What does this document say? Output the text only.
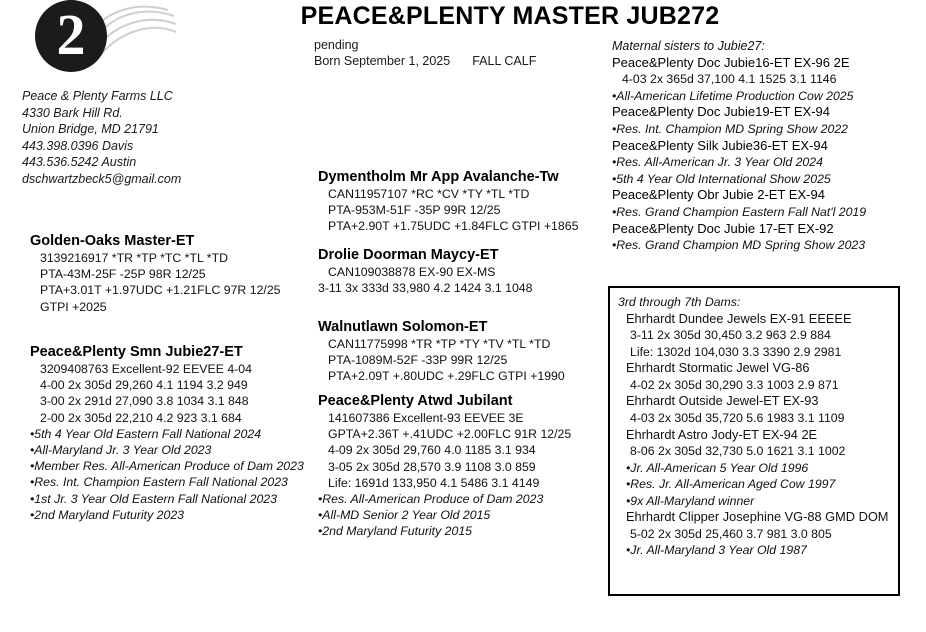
2
Peace & Plenty Farms LLC
4330 Bark Hill Rd.
Union Bridge, MD 21791
443.398.0396 Davis
443.536.5242 Austin
dschwartzbeck5@gmail.com
PEACE&PLENTY MASTER JUB272
pending
Born September 1, 2025 FALL CALF
Golden-Oaks Master-ET
3139216917 *TR *TP *TC *TL *TD
PTA-43M-25F -25P 98R 12/25
PTA+3.01T +1.97UDC +1.21FLC 97R 12/25
GTPI +2025
Peace&Plenty Smn Jubie27-ET
3209408763 Excellent-92 EEVEE 4-04
4-00 2x 305d 29,260 4.1 1194 3.2 949
3-00 2x 291d 27,090 3.8 1034 3.1 848
2-00 2x 305d 22,210 4.2 923 3.1 684
•5th 4 Year Old Eastern Fall National 2024
•All-Maryland Jr. 3 Year Old 2023
•Member Res. All-American Produce of Dam 2023
•Res. Int. Champion Eastern Fall National 2023
•1st Jr. 3 Year Old Eastern Fall National 2023
•2nd Maryland Futurity 2023
Dymentholm Mr App Avalanche-Tw
CAN11957107 *RC *CV *TY *TL *TD
PTA-953M-51F -35P 99R 12/25
PTA+2.90T +1.75UDC +1.84FLC GTPI +1865
Drolie Doorman Maycy-ET
CAN109038878 EX-90 EX-MS
3-11 3x 333d 33,980 4.2 1424 3.1 1048
Walnutlawn Solomon-ET
CAN11775998 *TR *TP *TY *TV *TL *TD
PTA-1089M-52F -33P 99R 12/25
PTA+2.09T +.80UDC +.29FLC GTPI +1990
Peace&Plenty Atwd Jubilant
141607386 Excellent-93 EEVEE 3E
GPTA+2.36T +.41UDC +2.00FLC 91R 12/25
4-09 2x 305d 29,760 4.0 1185 3.1 934
3-05 2x 305d 28,570 3.9 1108 3.0 859
Life: 1691d 133,950 4.1 5486 3.1 4149
•Res. All-American Produce of Dam 2023
•All-MD Senior 2 Year Old 2015
•2nd Maryland Futurity 2015
Maternal sisters to Jubie27:
Peace&Plenty Doc Jubie16-ET EX-96 2E
4-03 2x 365d 37,100 4.1 1525 3.1 1146
•All-American Lifetime Production Cow 2025
Peace&Plenty Doc Jubie19-ET EX-94
•Res. Int. Champion MD Spring Show 2022
Peace&Plenty Silk Jubie36-ET EX-94
•Res. All-American Jr. 3 Year Old 2024
•5th 4 Year Old International Show 2025
Peace&Plenty Obr Jubie 2-ET EX-94
•Res. Grand Champion Eastern Fall Nat'l 2019
Peace&Plenty Doc Jubie 17-ET EX-92
•Res. Grand Champion MD Spring Show 2023
3rd through 7th Dams:
Ehrhardt Dundee Jewels EX-91 EEEEE
3-11 2x 305d 30,450 3.2 963 2.9 884
Life: 1302d 104,030 3.3 3390 2.9 2981
Ehrhardt Stormatic Jewel VG-86
4-02 2x 305d 30,290 3.3 1003 2.9 871
Ehrhardt Outside Jewel-ET EX-93
4-03 2x 305d 35,720 5.6 1983 3.1 1109
Ehrhardt Astro Jody-ET EX-94 2E
8-06 2x 305d 32,730 5.0 1621 3.1 1002
•Jr. All-American 5 Year Old 1996
•Res. Jr. All-American Aged Cow 1997
•9x All-Maryland winner
Ehrhardt Clipper Josephine VG-88 GMD DOM
5-02 2x 305d 25,460 3.7 981 3.0 805
•Jr. All-Maryland 3 Year Old 1987
